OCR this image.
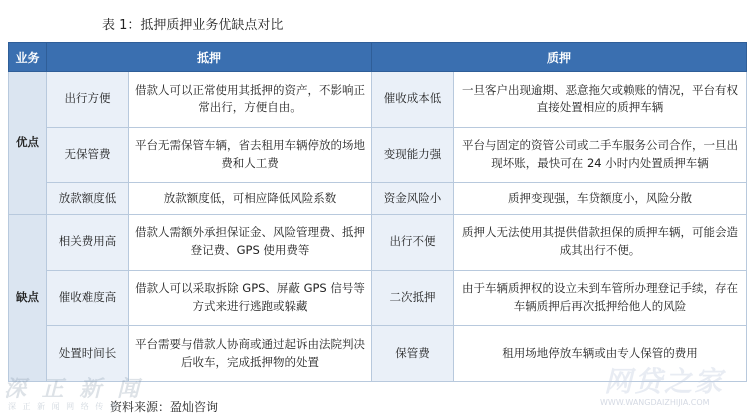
表 1：抵押质押业务优缺点对比
业务	抵押		质押	
优点	出行方便	借款人可以正常使用其抵押的资产，不影响正常出行，方便自由。	催收成本低	一旦客户出现逾期、恶意拖欠或赖账的情况，平台有权直接处置相应的质押车辆
	无保管费	平台无需保管车辆，省去租用车辆停放的场地费和人工费	变现能力强	平台与固定的资管公司或二手车服务公司合作，一旦出现坏账，最快可在 24 小时内处置质押车辆
	放款额度低	放款额度低，可相应降低风险系数	资金风险小	质押变现强，车贷额度小，风险分散
缺点	相关费用高	借款人需额外承担保证金、风险管理费、抵押登记费、GPS 使用费等	出行不便	质押人无法使用其提供借款担保的质押车辆，可能会造成其出行不便。
	催收难度高	借款人可以采取拆除 GPS、屏蔽 GPS 信号等方式来进行逃跑或躲藏	二次抵押	由于车辆质押权的设立未到车管所办理登记手续，存在车辆质押后再次抵押给他人的风险
	处置时间长	平台需要与借款人协商或通过起诉由法院判决后收车，完成抵押物的处置	保管费	租用场地停放车辆或由专人保管的费用
资料来源：盈灿咨询
深 正 新 闻
深 正 新 闻 网 络 传 播
网贷之家
WWW.WANGDAIZHIJIA.COM
